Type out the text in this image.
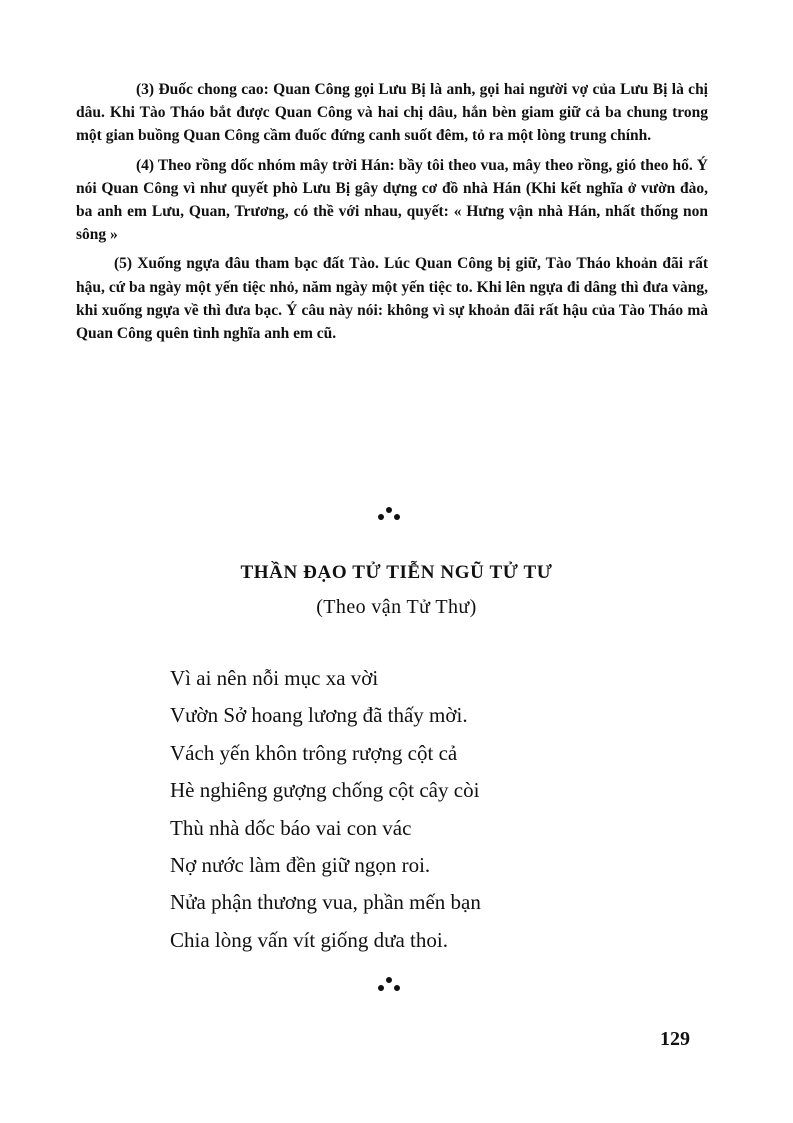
(3) Đuốc chong cao: Quan Công gọi Lưu Bị là anh, gọi hai người vợ của Lưu Bị là chị dâu. Khi Tào Tháo bắt được Quan Công và hai chị dâu, hắn bèn giam giữ cả ba chung trong một gian buồng Quan Công cầm đuốc đứng canh suốt đêm, tỏ ra một lòng trung chính.

(4) Theo rồng dốc nhóm mây trời Hán: bầy tôi theo vua, mây theo rồng, gió theo hổ. Ý nói Quan Công vì như quyết phò Lưu Bị gây dựng cơ đồ nhà Hán (Khi kết nghĩa ở vườn đào, ba anh em Lưu, Quan, Trương, có thề với nhau, quyết: « Hưng vận nhà Hán, nhất thống non sông »

(5) Xuống ngựa đâu tham bạc đất Tào. Lúc Quan Công bị giữ, Tào Tháo khoản đãi rất hậu, cứ ba ngày một yến tiệc nhỏ, năm ngày một yến tiệc to. Khi lên ngựa đi dâng thì đưa vàng, khi xuống ngựa về thì đưa bạc. Ý câu này nói: không vì sự khoản đãi rất hậu của Tào Tháo mà Quan Công quên tình nghĩa anh em cũ.

THẦN ĐẠO TỬ TIỄN NGŨ TỬ TƯ
(Theo vận Tử Thư)

Vì ai nên nỗi mục xa vời

Vườn Sở hoang lương đã thấy mời.

Vách yến khôn trông rượng cột cả

Hè nghiêng gượng chống cột cây còi

Thù nhà dốc báo vai con vác

Nợ nước làm đền giữ ngọn roi.

Nửa phận thương vua, phần mến bạn

Chia lòng vấn vít giống dưa thoi.

129
